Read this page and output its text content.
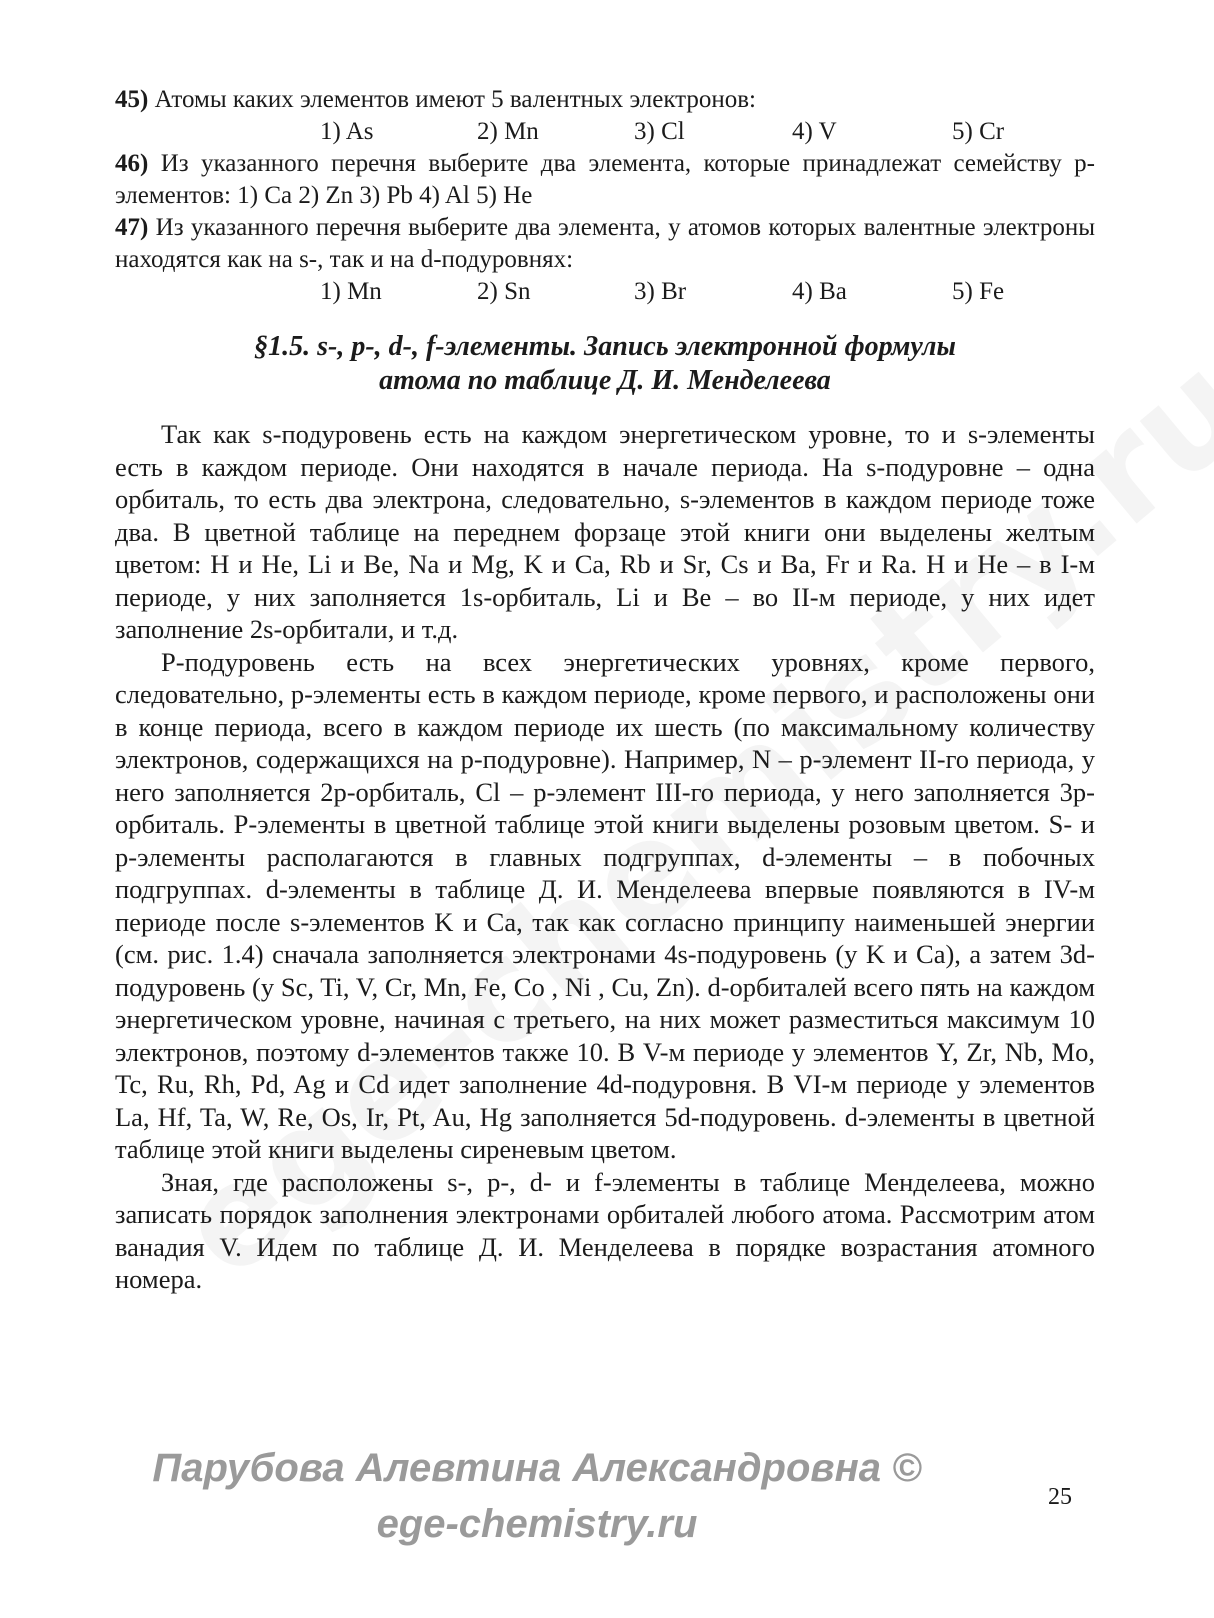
45) Атомы каких элементов имеют 5 валентных электронов:
1) As	2) Mn	3) Cl	4) V	5) Cr
46) Из указанного перечня выберите два элемента, которые принадлежат семейству p-элементов: 1) Ca 2) Zn 3) Pb 4) Al 5) He
47) Из указанного перечня выберите два элемента, у атомов которых валентные электроны находятся как на s-, так и на d-подуровнях:
1) Mn	2) Sn	3) Br	4) Ba	5) Fe
§1.5. s-, p-, d-, f-элементы. Запись электронной формулы
атома по таблице Д. И. Менделеева

Так как s-подуровень есть на каждом энергетическом уровне, то и s-элементы есть в каждом периоде. Они находятся в начале периода. На s-подуровне – одна орбиталь, то есть два электрона, следовательно, s-элементов в каждом периоде тоже два. В цветной таблице на переднем форзаце этой книги они выделены желтым цветом: H и He, Li и Be, Na и Mg, K и Ca, Rb и Sr, Cs и Ba, Fr и Ra. H и He – в I-м периоде, у них заполняется 1s-орбиталь, Li и Be – во II-м периоде, у них идет заполнение 2s-орбитали, и т.д.

P-подуровень есть на всех энергетических уровнях, кроме первого, следовательно, p-элементы есть в каждом периоде, кроме первого, и расположены они в конце периода, всего в каждом периоде их шесть (по максимальному количеству электронов, содержащихся на p-подуровне). Например, N – p-элемент II-го периода, у него заполняется 2p-орбиталь, Cl – p-элемент III-го периода, у него заполняется 3p-орбиталь. Р-элементы в цветной таблице этой книги выделены розовым цветом. S- и p-элементы располагаются в главных подгруппах, d-элементы – в побочных подгруппах. d-элементы в таблице Д. И. Менделеева впервые появляются в IV-м периоде после s-элементов K и Ca, так как согласно принципу наименьшей энергии (см. рис. 1.4) сначала заполняется электронами 4s-подуровень (у K и Ca), а затем 3d-подуровень (у Sc, Ti, V, Cr, Mn, Fe, Co , Ni , Cu, Zn). d-орбиталей всего пять на каждом энергетическом уровне, начиная с третьего, на них может разместиться максимум 10 электронов, поэтому d-элементов также 10. В V-м периоде у элементов Y, Zr, Nb, Mo, Tc, Ru, Rh, Pd, Ag и Cd идет заполнение 4d-подуровня. В VI-м периоде у элементов La, Hf, Ta, W, Re, Os, Ir, Pt, Au, Hg заполняется 5d-подуровень. d-элементы в цветной таблице этой книги выделены сиреневым цветом.

Зная, где расположены s-, p-, d- и f-элементы в таблице Менделеева, можно записать порядок заполнения электронами орбиталей любого атома. Рассмотрим атом ванадия V. Идем по таблице Д. И. Менделеева в порядке возрастания атомного номера.

Парубова Алевтина Александровна ©
ege-chemistry.ru
25
